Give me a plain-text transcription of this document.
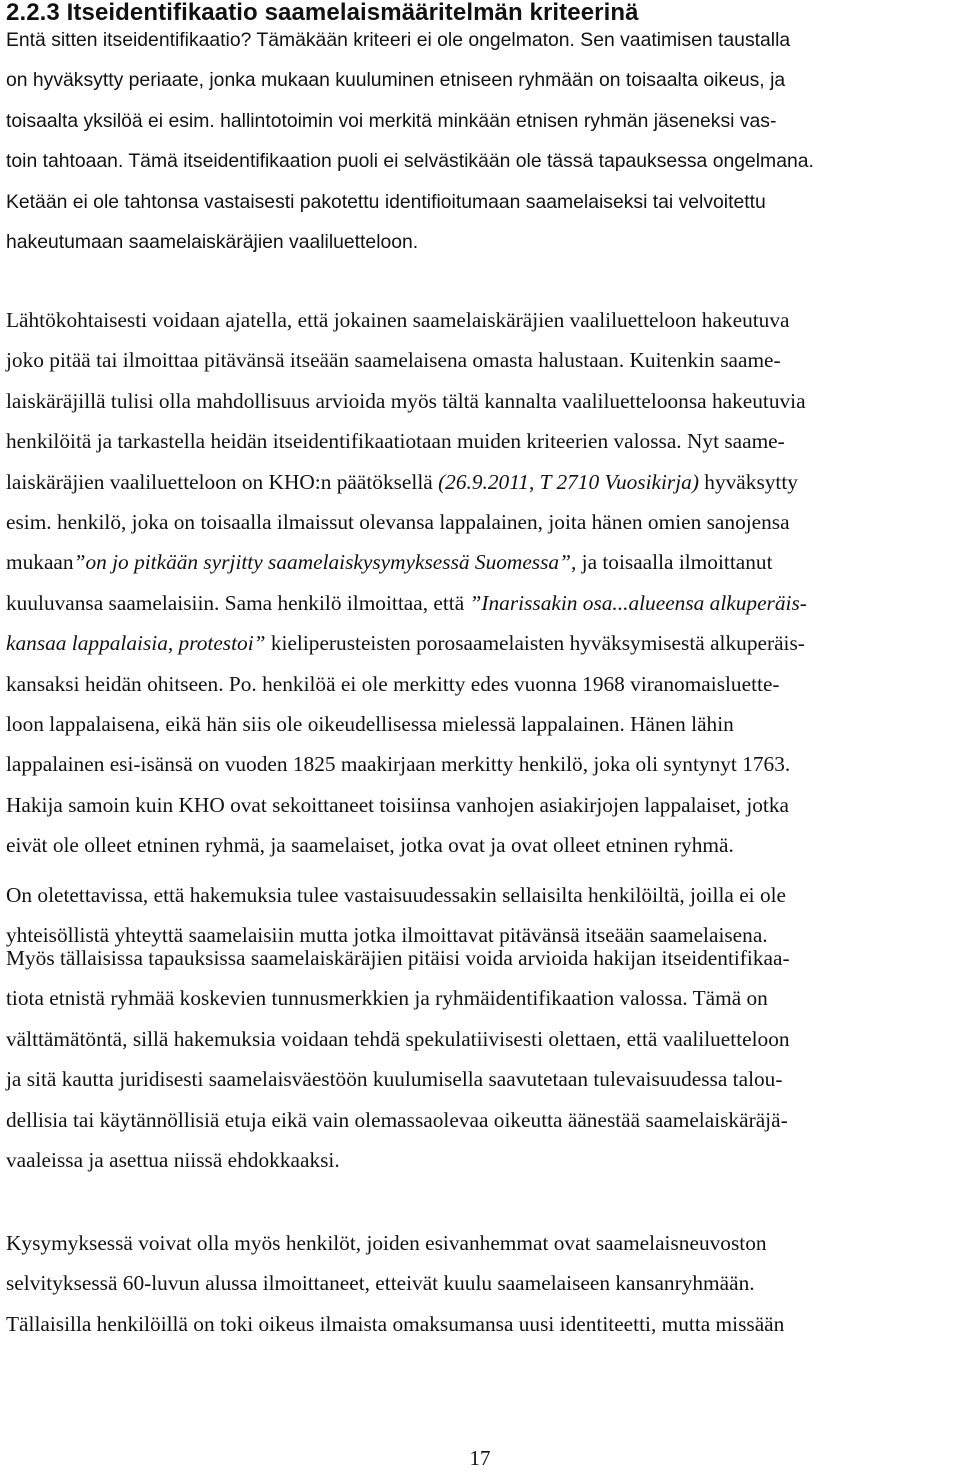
2.2.3 Itseidentifikaatio saamelaismääritelmän kriteerinä
Entä sitten itseidentifikaatio? Tämäkään kriteeri ei ole ongelmaton. Sen vaatimisen taustalla
on hyväksytty periaate, jonka mukaan kuuluminen etniseen ryhmään on toisaalta oikeus, ja
toisaalta yksilöä ei esim. hallintotoimin voi merkitä minkään etnisen ryhmän jäseneksi vas-
toin tahtoaan. Tämä itseidentifikaation puoli ei selvästikään ole tässä tapauksessa ongelmana.
Ketään ei ole tahtonsa vastaisesti pakotettu identifioitumaan saamelaiseksi tai velvoitettu
hakeutumaan saamelaiskäräjien vaaliluetteloon.
Lähtökohtaisesti voidaan ajatella, että jokainen saamelaiskäräjien vaaliluetteloon hakeutuva
joko pitää tai ilmoittaa pitävänsä itseään saamelaisena omasta halustaan. Kuitenkin saame-
laiskäräjillä tulisi olla mahdollisuus arvioida myös tältä kannalta vaaliluetteloonsa hakeutuvia
henkilöitä ja tarkastella heidän itseidentifikaatiotaan muiden kriteerien valossa. Nyt saame-
laiskäräjien vaaliluetteloon on KHO:n päätöksellä (26.9.2011, T 2710 Vuosikirja) hyväksytty
esim. henkilö, joka on toisaalla ilmaissut olevansa lappalainen, joita hänen omien sanojensa
mukaan”on jo pitkään syrjitty saamelaiskysymyksessä Suomessa”, ja toisaalla ilmoittanut
kuuluvansa saamelaisiin. Sama henkilö ilmoittaa, että ”Inarissakin osa...alueensa alkuperäis-
kansaa lappalaisia, protestoi” kieliperusteisten porosaamelaisten hyväksymisestä alkuperäis-
kansaksi heidän ohitseen. Po. henkilöä ei ole merkitty edes vuonna 1968 viranomaisluette-
loon lappalaisena, eikä hän siis ole oikeudellisessa mielessä lappalainen. Hänen lähin
lappalainen esi-isänsä on vuoden 1825 maakirjaan merkitty henkilö, joka oli syntynyt 1763.
Hakija samoin kuin KHO ovat sekoittaneet toisiinsa vanhojen asiakirjojen lappalaiset, jotka
eivät ole olleet etninen ryhmä, ja saamelaiset, jotka ovat ja ovat olleet etninen ryhmä.
On oletettavissa, että hakemuksia tulee vastaisuudessakin sellaisilta henkilöiltä, joilla ei ole
yhteisöllistä yhteyttä saamelaisiin mutta jotka ilmoittavat pitävänsä itseään saamelaisena.
Myös tällaisissa tapauksissa saamelaiskäräjien pitäisi voida arvioida hakijan itseidentifikaa-
tiota etnistä ryhmää koskevien tunnusmerkkien ja ryhmäidentifikaation valossa. Tämä on
välttämätöntä, sillä hakemuksia voidaan tehdä spekulatiivisesti olettaen, että vaaliluetteloon
ja sitä kautta juridisesti saamelaisväestöön kuulumisella saavutetaan tulevaisuudessa talou-
dellisia tai käytännöllisiä etuja eikä vain olemassaolevaa oikeutta äänestää saamelaiskäräjä-
vaaleissa ja asettua niissä ehdokkaaksi.
Kysymyksessä voivat olla myös henkilöt, joiden esivanhemmat ovat saamelaisneuvoston
selvityksessä 60-luvun alussa ilmoittaneet, etteivät kuulu saamelaiseen kansanryhmään.
Tällaisilla henkilöillä on toki oikeus ilmaista omaksumansa uusi identiteetti, mutta missään
17
